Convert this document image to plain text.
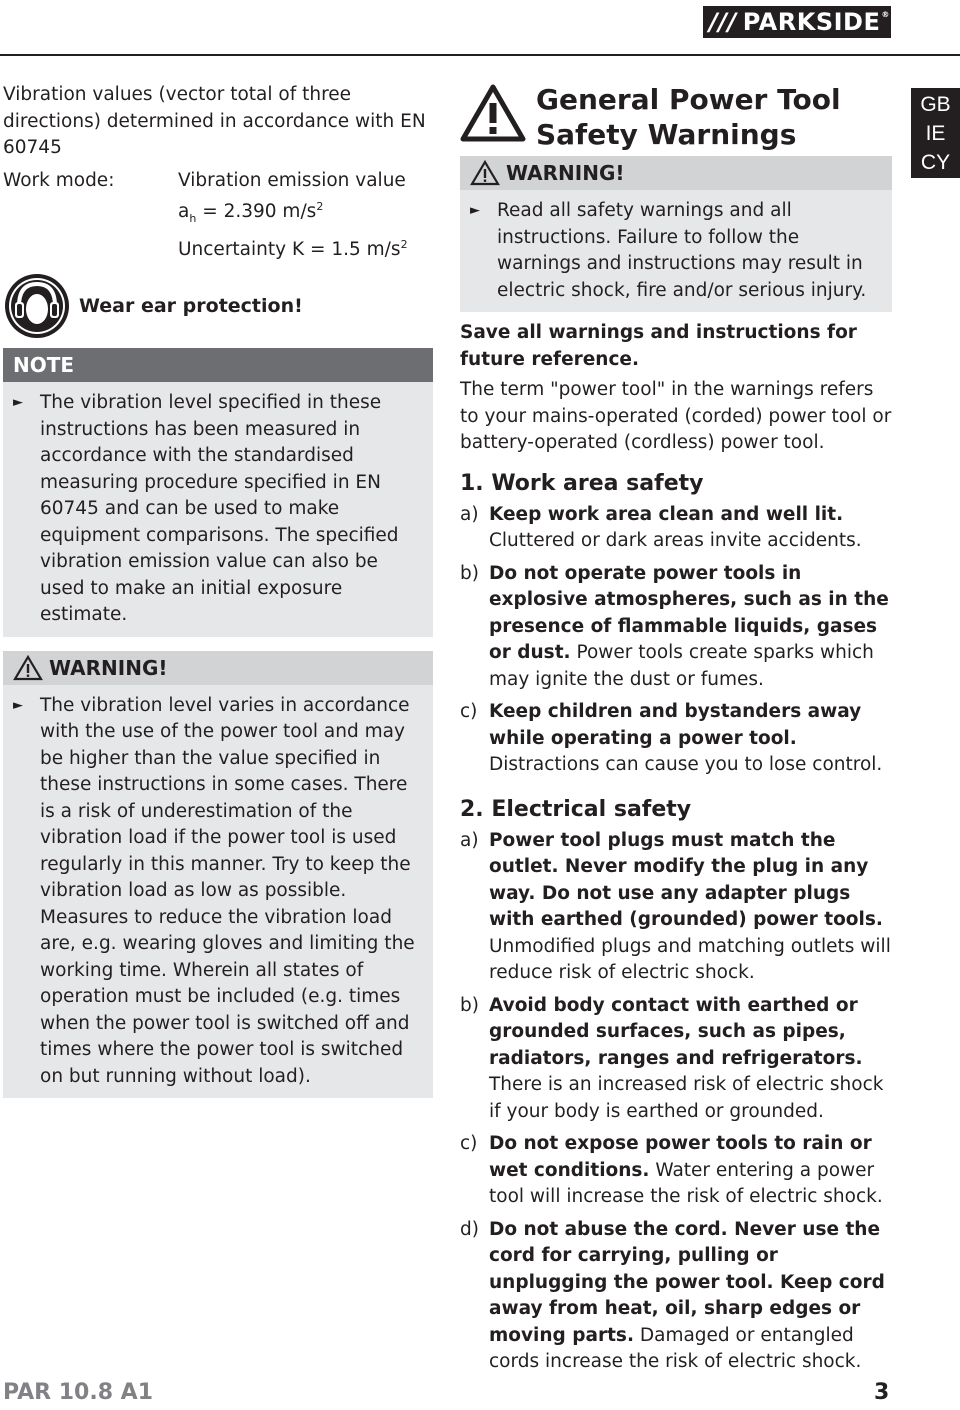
/// PARKSIDE ®
GB
IE
CY

Vibration values (vector total of three directions) determined in accordance with EN 60745

Work mode:	Vibration emission value
$a_h = 2.390$ $m/s^2$
Uncertainty K = 1.5 $m/s^2$
Wear ear protection!
NOTE
► The vibration level specified in these instructions has been measured in accordance with the standardised measuring procedure specified in EN 60745 and can be used to make equipment comparisons. The specified vibration emission value can also be used to make an initial exposure estimate.

WARNING!
► The vibration level varies in accordance with the use of the power tool and may be higher than the value specified in these instructions in some cases. There is a risk of underestimation of the vibration load if the power tool is used regularly in this manner. Try to keep the vibration load as low as possible. Measures to reduce the vibration load are, e.g. wearing gloves and limiting the working time. Wherein all states of operation must be included (e.g. times when the power tool is switched off and times where the power tool is switched on but running without load).

General Power Tool
Safety Warnings
WARNING!
► Read all safety warnings and all instructions. Failure to follow the warnings and instructions may result in electric shock, fire and/or serious injury.

Save all warnings and instructions for future reference.

The term "power tool" in the warnings refers to your mains-operated (corded) power tool or battery-operated (cordless) power tool.

1. Work area safety
a) Keep work area clean and well lit. Cluttered or dark areas invite accidents.

b) Do not operate power tools in explosive atmospheres, such as in the presence of flammable liquids, gases or dust. Power tools create sparks which may ignite the dust or fumes.

c) Keep children and bystanders away while operating a power tool. Distractions can cause you to lose control.

2. Electrical safety
a) Power tool plugs must match the outlet. Never modify the plug in any way. Do not use any adapter plugs with earthed (grounded) power tools. Unmodified plugs and matching outlets will reduce risk of electric shock.

b) Avoid body contact with earthed or grounded surfaces, such as pipes, radiators, ranges and refrigerators. There is an increased risk of electric shock if your body is earthed or grounded.

c) Do not expose power tools to rain or wet conditions. Water entering a power tool will increase the risk of electric shock.

d) Do not abuse the cord. Never use the cord for carrying, pulling or unplugging the power tool. Keep cord away from heat, oil, sharp edges or moving parts. Damaged or entangled cords increase the risk of electric shock.

PAR 10.8 A1	3
